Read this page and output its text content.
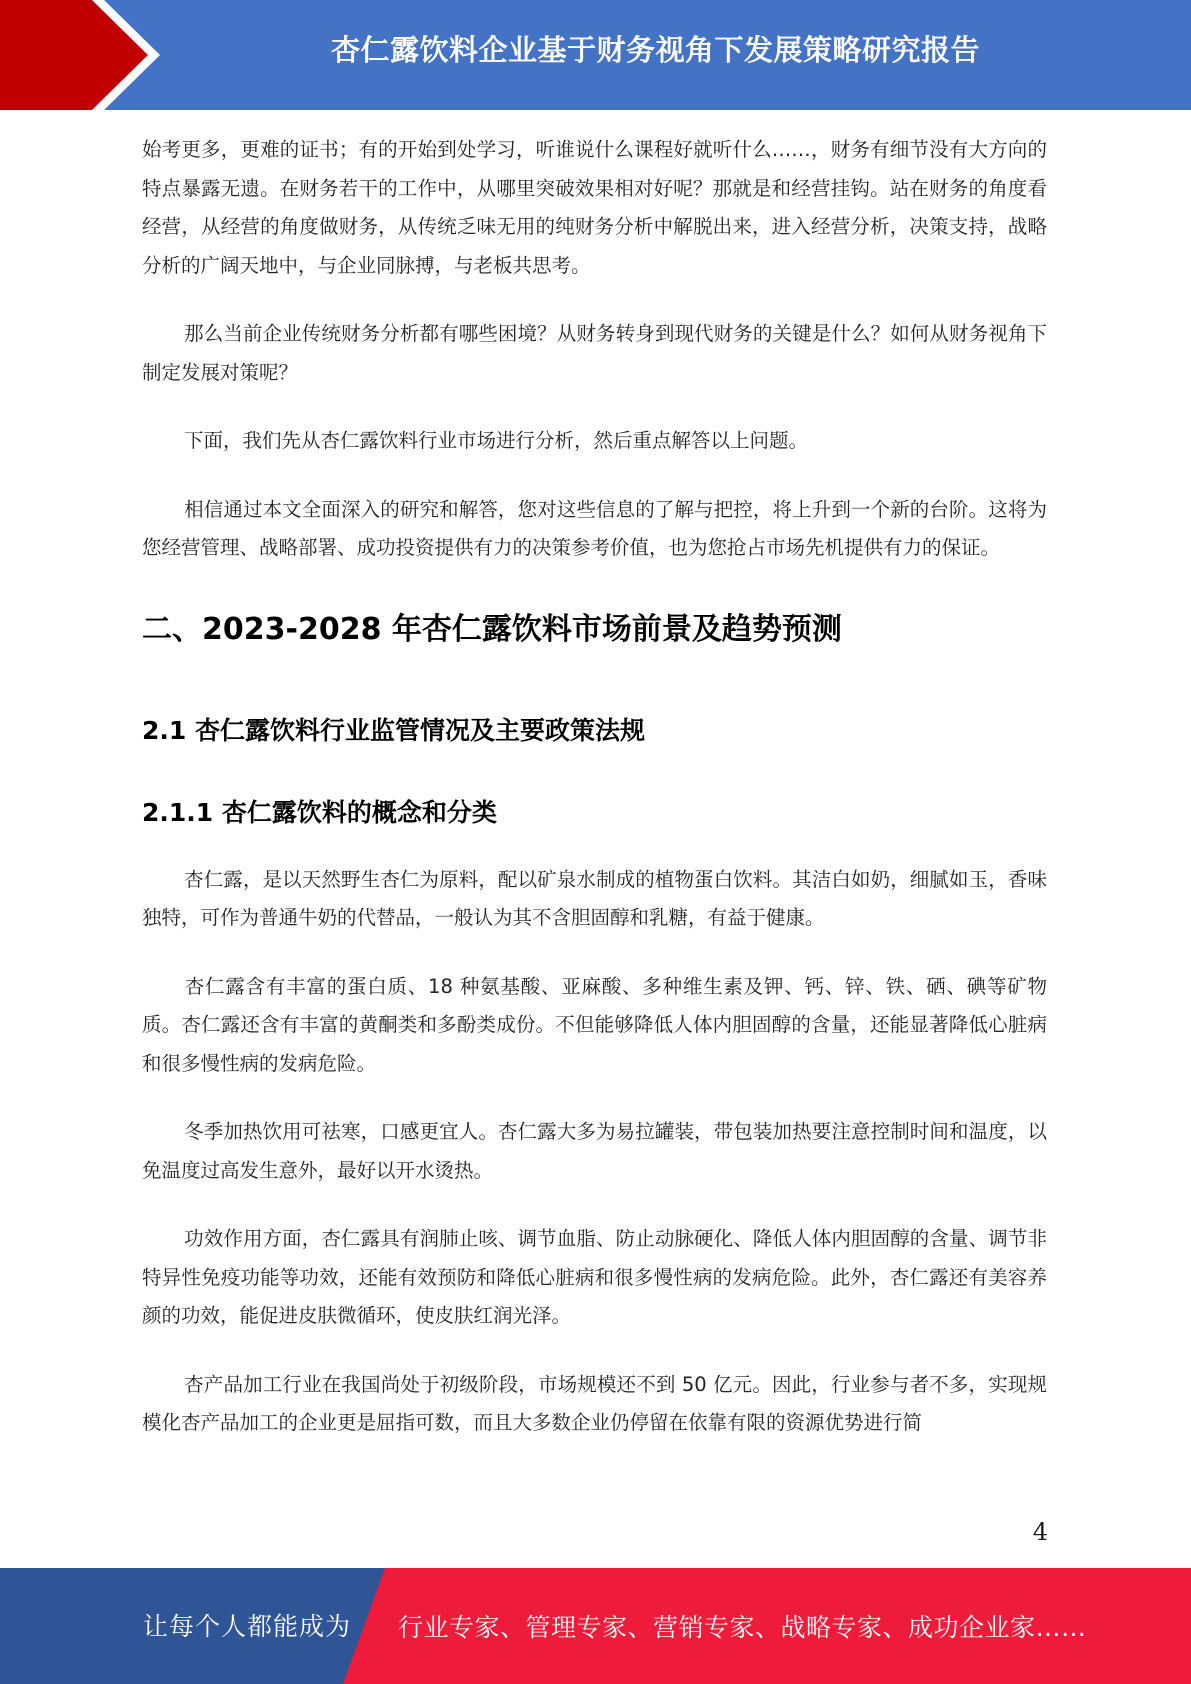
杏仁露饮料企业基于财务视角下发展策略研究报告

始考更多，更难的证书；有的开始到处学习，听谁说什么课程好就听什么……，财务有细节没有大方向的特点暴露无遗。在财务若干的工作中，从哪里突破效果相对好呢？那就是和经营挂钩。站在财务的角度看经营，从经营的角度做财务，从传统乏味无用的纯财务分析中解脱出来，进入经营分析，决策支持，战略分析的广阔天地中，与企业同脉搏，与老板共思考。

那么当前企业传统财务分析都有哪些困境？从财务转身到现代财务的关键是什么？如何从财务视角下制定发展对策呢？

下面，我们先从杏仁露饮料行业市场进行分析，然后重点解答以上问题。

相信通过本文全面深入的研究和解答，您对这些信息的了解与把控，将上升到一个新的台阶。这将为您经营管理、战略部署、成功投资提供有力的决策参考价值，也为您抢占市场先机提供有力的保证。

二、2023-2028 年杏仁露饮料市场前景及趋势预测
2.1 杏仁露饮料行业监管情况及主要政策法规
2.1.1 杏仁露饮料的概念和分类

杏仁露，是以天然野生杏仁为原料，配以矿泉水制成的植物蛋白饮料。其洁白如奶，细腻如玉，香味独特，可作为普通牛奶的代替品，一般认为其不含胆固醇和乳糖，有益于健康。

杏仁露含有丰富的蛋白质、18 种氨基酸、亚麻酸、多种维生素及钾、钙、锌、铁、硒、碘等矿物质。杏仁露还含有丰富的黄酮类和多酚类成份。不但能够降低人体内胆固醇的含量，还能显著降低心脏病和很多慢性病的发病危险。

冬季加热饮用可祛寒，口感更宜人。杏仁露大多为易拉罐装，带包装加热要注意控制时间和温度，以免温度过高发生意外，最好以开水烫热。

功效作用方面，杏仁露具有润肺止咳、调节血脂、防止动脉硬化、降低人体内胆固醇的含量、调节非特异性免疫功能等功效，还能有效预防和降低心脏病和很多慢性病的发病危险。此外，杏仁露还有美容养颜的功效，能促进皮肤微循环，使皮肤红润光泽。

杏产品加工行业在我国尚处于初级阶段，市场规模还不到 50 亿元。因此，行业参与者不多，实现规模化杏产品加工的企业更是屈指可数，而且大多数企业仍停留在依靠有限的资源优势进行简

4
让每个人都能成为 行业专家、管理专家、营销专家、战略专家、成功企业家……
